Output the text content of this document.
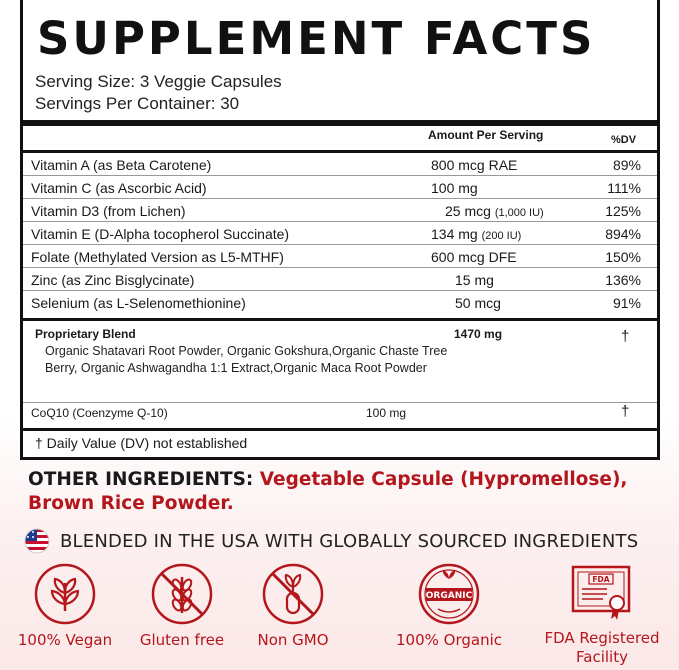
SUPPLEMENT FACTS
Serving Size: 3 Veggie Capsules
Servings Per Container: 30
Amount Per Serving	%DV
Vitamin A (as Beta Carotene)	800 mcg RAE	89%
Vitamin C (as Ascorbic Acid)	100 mg	111%
Vitamin D3 (from Lichen)	25 mcg (1,000 IU)	125%
Vitamin E (D-Alpha tocopherol Succinate)	134 mg (200 IU)	894%
Folate (Methylated Version as L5-MTHF)	600 mcg DFE	150%
Zinc (as Zinc Bisglycinate)	15 mg	136%
Selenium (as L-Selenomethionine)	50 mcg	91%
Proprietary Blend	1470 mg	†
Organic Shatavari Root Powder, Organic Gokshura,Organic Chaste Tree Berry, Organic Ashwagandha 1:1 Extract,Organic Maca Root Powder
CoQ10 (Coenzyme Q-10)	100 mg	†
† Daily Value (DV) not established
OTHER INGREDIENTS: Vegetable Capsule (Hypromellose),
Brown Rice Powder.
BLENDED IN THE USA WITH GLOBALLY SOURCED INGREDIENTS
100% Vegan	Gluten free	Non GMO
ORGANIC
100% Organic
FDA
FDA Registered
Facility
